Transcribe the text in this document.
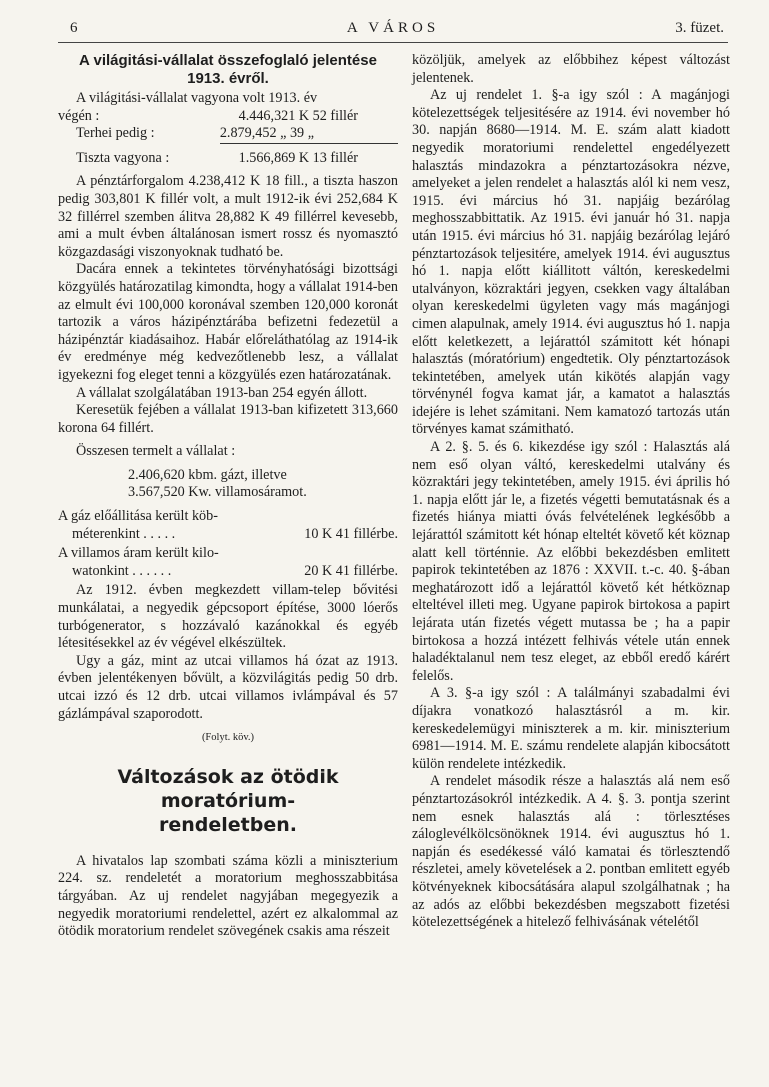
6	A VÁROS	3. füzet.
A világitási-vállalat összefoglaló jelentése
1913. évről.

A világitási-vállalat vagyona volt 1913. év

végén :	4.446,321 K 52 fillér
Terhei pedig :	2.879,452 „ 39 „
Tiszta vagyona :	1.566,869 K 13 fillér

A pénztárforgalom 4.238,412 K 18 fill., a tiszta haszon pedig 303,801 K fillér volt, a mult 1912-ik évi 252,684 K 32 fillérrel szemben álitva 28,882 K 49 fillérrel kevesebb, ami a mult évben általánosan ismert rossz és nyomasztó közgazdasági viszonyoknak tudható be.

Dacára ennek a tekintetes törvényhatósági bizottsági közgyülés határozatilag kimondta, hogy a vállalat 1914-ben az elmult évi 100,000 koronával szemben 120,000 koronát tartozik a város házipénztárába befizetni fedezetül a házipénztár kiadásaihoz. Habár előreláthatólag az 1914-ik év eredménye még kedvezőtlenebb lesz, a vállalat igyekezni fog eleget tenni a közgyülés ezen határozatának.

A vállalat szolgálatában 1913-ban 254 egyén állott.

Keresetük fejében a vállalat 1913-ban kifizetett 313,660 korona 64 fillért.

Összesen termelt a vállalat :

2.406,620 kbm. gázt, illetve
3.567,520 Kw. villamosáramot.
A gáz előállitása került köb-
méterenkint . . . . .	10 K 41 fillérbe.
A villamos áram került kilo-
watonkint . . . . . .	20 K 41 fillérbe.

Az 1912. évben megkezdett villam-telep bővitési munkálatai, a negyedik gépcsoport építése, 3000 lóerős turbógenerator, s hozzávaló kazánokkal és egyéb létesitésekkel az év végével elkészültek.

Ugy a gáz, mint az utcai villamos há ózat az 1913. évben jelentékenyen bővült, a közvilágitás pedig 50 drb. utcai izzó és 12 drb. utcai villamos ivlámpával és 57 gázlámpával szaporodott.

(Folyt. köv.)
Változások az ötödik moratórium-
rendeletben.

A hivatalos lap szombati száma közli a miniszterium 224. sz. rendeletét a moratorium meghosszabbitása tárgyában. Az uj rendelet nagyjában megegyezik a negyedik moratoriumi rendelettel, azért ez alkalommal az ötödik moratorium rendelet szövegének csakis ama részeit

közöljük, amelyek az előbbihez képest változást jelentenek.

Az uj rendelet 1. §-a igy szól : A magánjogi kötelezettségek teljesitésére az 1914. évi november hó 30. napján 8680—1914. M. E. szám alatt kiadott negyedik moratoriumi rendelettel engedélyezett halasztás mindazokra a pénztartozásokra nézve, amelyeket a jelen rendelet a halasztás alól ki nem vesz, 1915. évi március hó 31. napjáig bezárólag meghosszabbittatik. Az 1915. évi január hó 31. napja után 1915. évi március hó 31. napjáig bezárólag lejáró pénztartozások teljesitére, amelyek 1914. évi augusztus hó 1. napja előtt kiállitott váltón, kereskedelmi utalványon, közraktári jegyen, csekken vagy általában olyan kereskedelmi ügyleten vagy más magánjogi cimen alapulnak, amely 1914. évi augusztus hó 1. napja előtt keletkezett, a lejárattól számitott két hónapi halasztás (móratórium) engedtetik. Oly pénztartozások tekintetében, amelyek után kikötés alapján vagy törvénynél fogva kamat jár, a kamatot a halasztás idejére is lehet számitani. Nem kamatozó tartozás után törvényes kamat számitható.

A 2. §. 5. és 6. kikezdése igy szól : Halasztás alá nem eső olyan váltó, kereskedelmi utalvány és közraktári jegy tekintetében, amely 1915. évi április hó 1. napja előtt jár le, a fizetés végetti bemutatásnak és a fizetés hiánya miatti óvás felvételének legkésőbb a lejárattól számitott két hónap elteltét követő két köznap alatt kell történnie. Az előbbi bekezdésben emlitett papirok tekintetében az 1876 : XXVII. t.-c. 40. §-ában meghatározott idő a lejárattól követő két hétköznap elteltével illeti meg. Ugyane papirok birtokosa a papirt lejárata után fizetés végett mutassa be ; ha a papir birtokosa a hozzá intézett felhivás vétele után ennek haladéktalanul nem tesz eleget, az ebből eredő kárért felelős.

A 3. §-a igy szól : A találmányi szabadalmi évi díjakra vonatkozó halasztásról a m. kir. kereskedelemügyi miniszterek a m. kir. miniszterium 6981—1914. M. E. számu rendelete alapján kibocsátott külön rendelete intézkedik.

A rendelet második része a halasztás alá nem eső pénztartozásokról intézkedik. A 4. §. 3. pontja szerint nem esnek halasztás alá : törlesztéses záloglevélkölcsönöknek 1914. évi augusztus hó 1. napján és esedékessé váló kamatai és törlesztendő részletei, amely követelések a 2. pontban emlitett egyéb kötvényeknek kibocsátására alapul szolgálhatnak ; ha az adós az előbbi bekezdésben megszabott fizetési kötelezettségének a hitelező felhivásának vételétől
